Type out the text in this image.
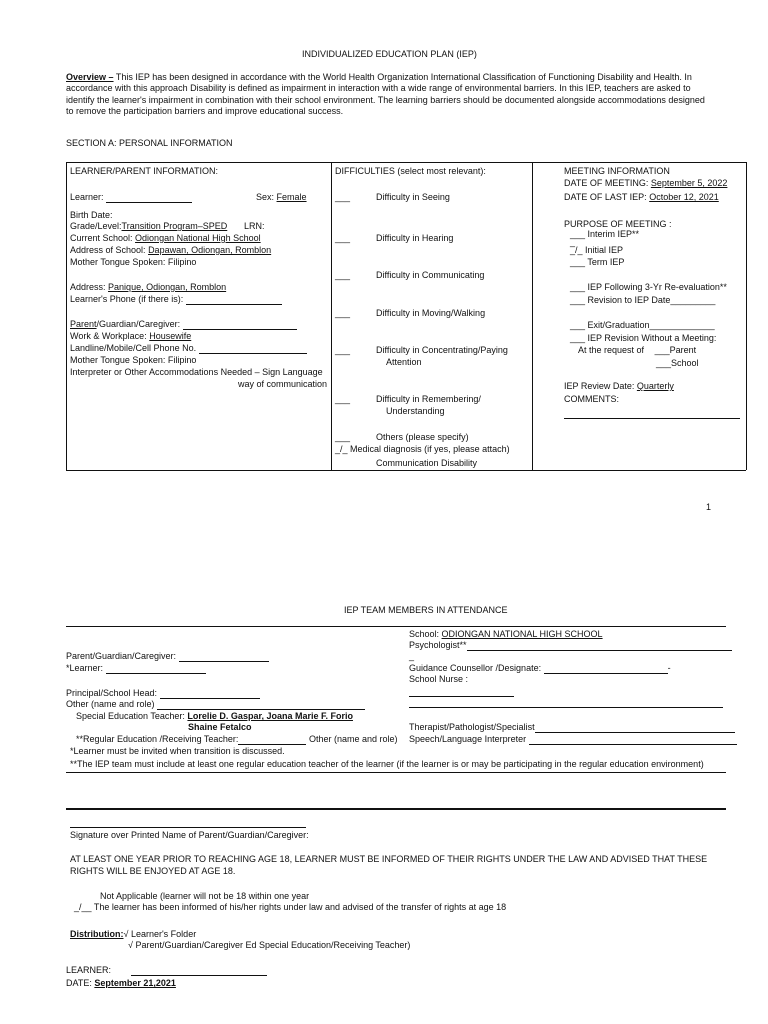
INDIVIDUALIZED EDUCATION PLAN (IEP)
Overview – This IEP has been designed in accordance with the World Health Organization International Classification of Functioning Disability and Health. In
accordance with this approach Disability is defined as impairment in interaction with a wide range of environmental barriers. In this IEP, teachers are asked to
identify the learner's impairment in combination with their school environment. The learning barriers should be documented alongside accommodations designed
to remove the participation barriers and improve educational success.
SECTION A: PERSONAL INFORMATION
LEARNER/PARENT INFORMATION:
Learner:	Sex: Female
Birth Date:
Grade/Level:Transition Program–SPED LRN:
Current School: Odiongan National High School
Address of School: Dapawan, Odiongan, Romblon
Mother Tongue Spoken: Filipino
Address: Panique, Odiongan, Romblon
Learner's Phone (if there is):
Parent/Guardian/Caregiver:
Work & Workplace: Housewife
Landline/Mobile/Cell Phone No.
Mother Tongue Spoken: Filipino
Interpreter or Other Accommodations Needed – Sign Language
way of communication
DIFFICULTIES (select most relevant):
___	Difficulty in Seeing
___	Difficulty in Hearing
___	Difficulty in Communicating
___	Difficulty in Moving/Walking
___	Difficulty in Concentrating/Paying
Attention
___	Difficulty in Remembering/
Understanding
___	Others (please specify)
_/_ Medical diagnosis (if yes, please attach)
Communication Disability
MEETING INFORMATION
DATE OF MEETING: September 5, 2022
DATE OF LAST IEP: October 12, 2021
PURPOSE OF MEETING :
___ Interim IEP**
_
_/_ Initial IEP
___ Term IEP
___ IEP Following 3-Yr Re-evaluation**
___ Revision to IEP Date_________
___ Exit/Graduation_____________
___ IEP Revision Without a Meeting:
At the request of ___Parent
___School
IEP Review Date: Quarterly
COMMENTS:
1
IEP TEAM MEMBERS IN ATTENDANCE
School: ODIONGAN NATIONAL HIGH SCHOOL
Psychologist**
_
Parent/Guardian/Caregiver:
*Learner:	Guidance Counsellor /Designate:	-
School Nurse :
Principal/School Head:
Other (name and role)
Special Education Teacher: Lorelie D. Gaspar, Joana Marie F. Forio
Shaine Fetalco
**Regular Education /Receiving Teacher:	Other (name and role)
Therapist/Pathologist/Specialist
Speech/Language Interpreter
*Learner must be invited when transition is discussed.
**The IEP team must include at least one regular education teacher of the learner (if the learner is or may be participating in the regular education environment)
Signature over Printed Name of Parent/Guardian/Caregiver:
AT LEAST ONE YEAR PRIOR TO REACHING AGE 18, LEARNER MUST BE INFORMED OF THEIR RIGHTS UNDER THE LAW AND ADVISED THAT THESE
RIGHTS WILL BE ENJOYED AT AGE 18.
Not Applicable (learner will not be 18 within one year
_/__ The learner has been informed of his/her rights under law and advised of the transfer of rights at age 18
Distribution:√ Learner's Folder
√ Parent/Guardian/Caregiver Ed Special Education/Receiving Teacher)
LEARNER:
DATE: September 21,2021
